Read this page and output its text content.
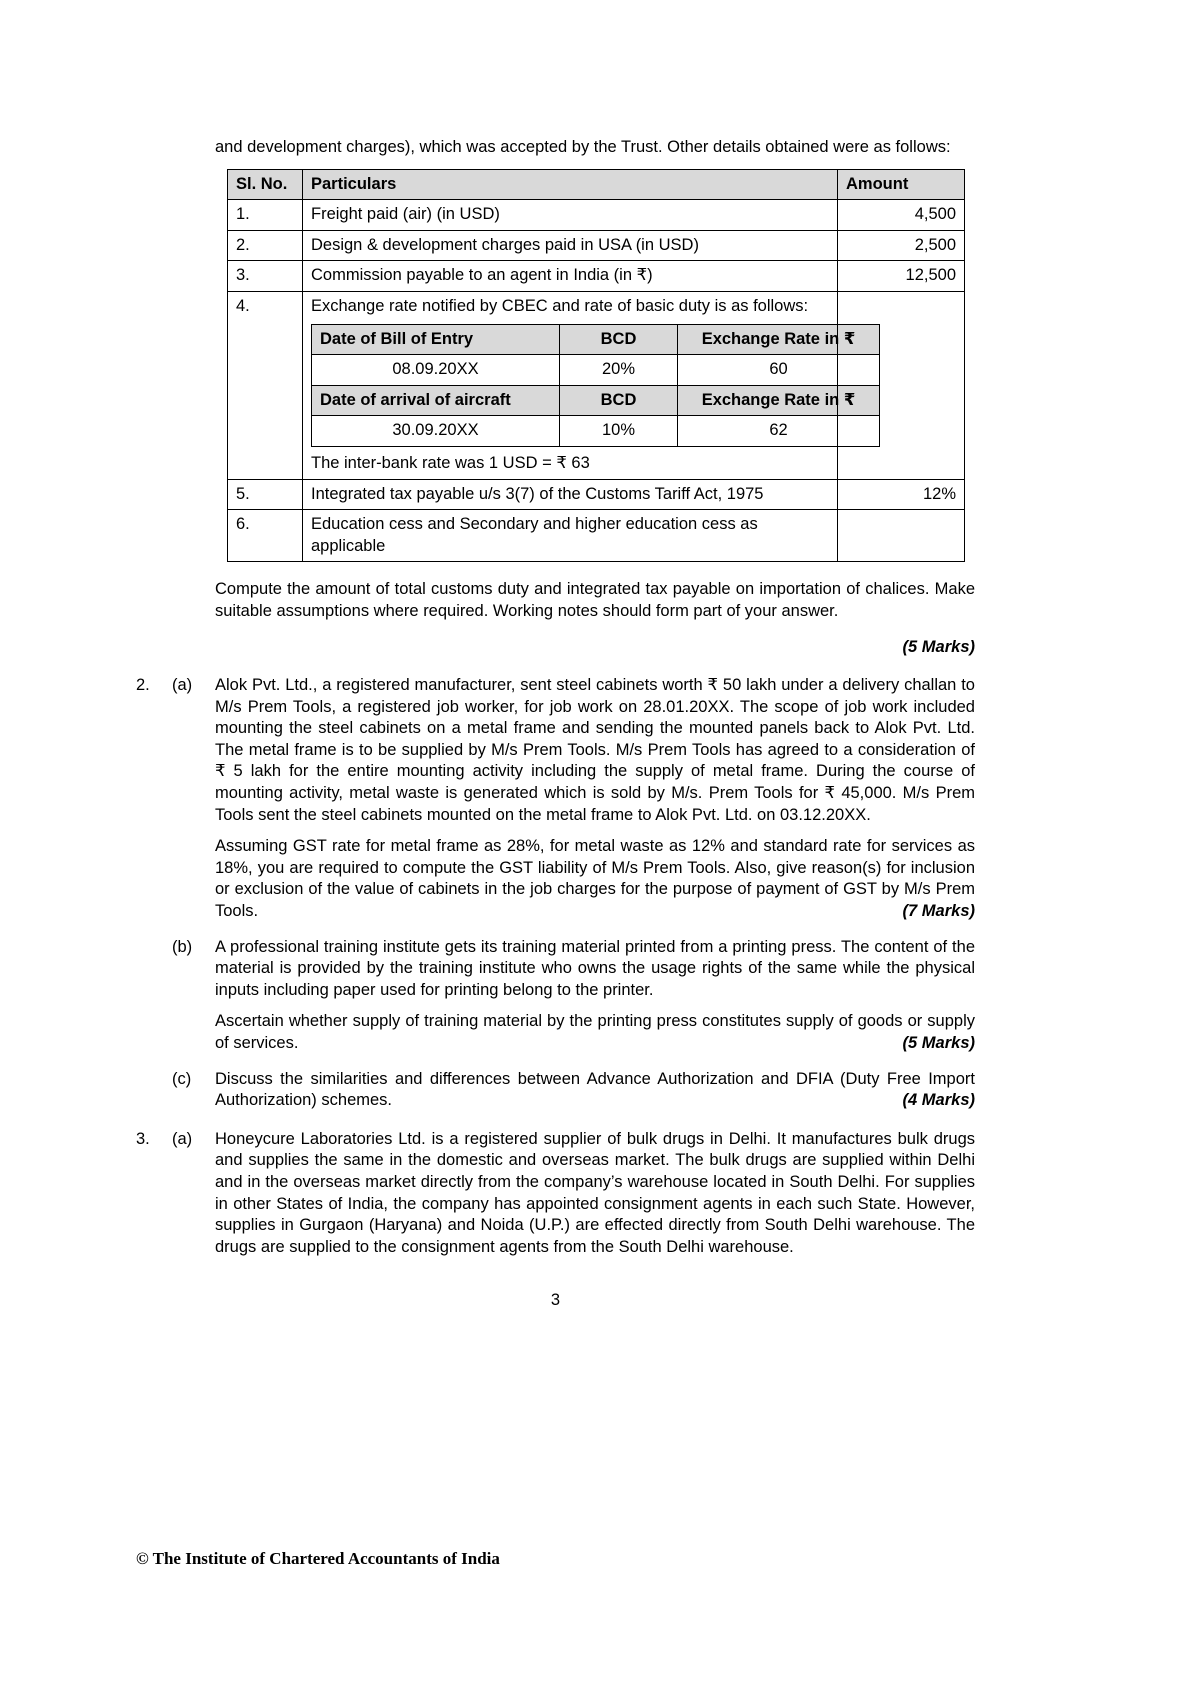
and development charges), which was accepted by the Trust. Other details obtained were as follows:

Sl. No.	Particulars	Amount
1.	Freight paid (air) (in USD)	4,500
2.	Design & development charges paid in USA (in USD)	2,500
3.	Commission payable to an agent in India (in ₹)	12,500
4.	Exchange rate notified by CBEC and rate of basic duty is as follows:
Date of Bill of Entry	BCD	Exchange Rate in ₹
08.09.20XX	20%	60
Date of arrival of aircraft	BCD	Exchange Rate in ₹
30.09.20XX	10%	62
The inter-bank rate was 1 USD = ₹ 63

5.	Integrated tax payable u/s 3(7) of the Customs Tariff Act, 1975	12%
6.	Education cess and Secondary and higher education cess as applicable	

Compute the amount of total customs duty and integrated tax payable on importation of chalices. Make suitable assumptions where required. Working notes should form part of your answer.

(5 Marks)

2.	(a)	Alok Pvt. Ltd., a registered manufacturer, sent steel cabinets worth ₹ 50 lakh under a delivery challan to M/s Prem Tools, a registered job worker, for job work on 28.01.20XX. The scope of job work included mounting the steel cabinets on a metal frame and sending the mounted panels back to Alok Pvt. Ltd. The metal frame is to be supplied by M/s Prem Tools. M/s Prem Tools has agreed to a consideration of ₹ 5 lakh for the entire mounting activity including the supply of metal frame. During the course of mounting activity, metal waste is generated which is sold by M/s. Prem Tools for ₹ 45,000. M/s Prem Tools sent the steel cabinets mounted on the metal frame to Alok Pvt. Ltd. on 03.12.20XX.

Assuming GST rate for metal frame as 28%, for metal waste as 12% and standard rate for services as 18%, you are required to compute the GST liability of M/s Prem Tools. Also, give reason(s) for inclusion or exclusion of the value of cabinets in the job charges for the purpose of payment of GST by M/s Prem Tools.	(7 Marks)

(b)	A professional training institute gets its training material printed from a printing press. The content of the material is provided by the training institute who owns the usage rights of the same while the physical inputs including paper used for printing belong to the printer.

Ascertain whether supply of training material by the printing press constitutes supply of goods or supply of services.	(5 Marks)

(c)	Discuss the similarities and differences between Advance Authorization and DFIA (Duty Free Import Authorization) schemes.	(4 Marks)

3.	(a)	Honeycure Laboratories Ltd. is a registered supplier of bulk drugs in Delhi. It manufactures bulk drugs and supplies the same in the domestic and overseas market. The bulk drugs are supplied within Delhi and in the overseas market directly from the company’s warehouse located in South Delhi. For supplies in other States of India, the company has appointed consignment agents in each such State. However, supplies in Gurgaon (Haryana) and Noida (U.P.) are effected directly from South Delhi warehouse. The drugs are supplied to the consignment agents from the South Delhi warehouse.

3
© The Institute of Chartered Accountants of India
